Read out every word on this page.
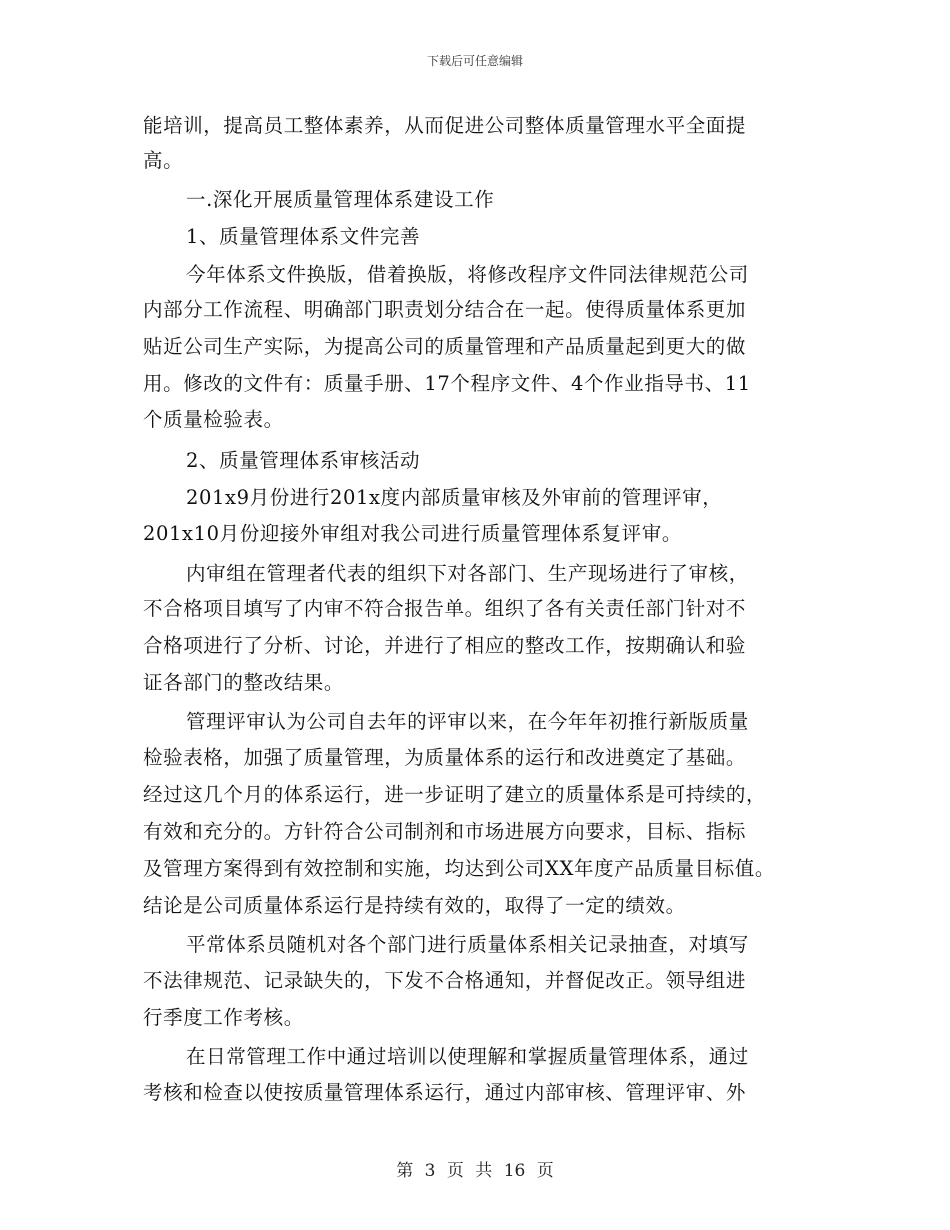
下载后可任意编辑
能培训，提高员工整体素养，从而促进公司整体质量管理水平全面提
高。
一.深化开展质量管理体系建设工作
1、质量管理体系文件完善
今年体系文件换版，借着换版，将修改程序文件同法律规范公司
内部分工作流程、明确部门职责划分结合在一起。使得质量体系更加
贴近公司生产实际，为提高公司的质量管理和产品质量起到更大的做
用。修改的文件有：质量手册、17个程序文件、4个作业指导书、11
个质量检验表。
2、质量管理体系审核活动
201x9月份进行201x度内部质量审核及外审前的管理评审，
201x10月份迎接外审组对我公司进行质量管理体系复评审。
内审组在管理者代表的组织下对各部门、生产现场进行了审核，
不合格项目填写了内审不符合报告单。组织了各有关责任部门针对不
合格项进行了分析、讨论，并进行了相应的整改工作，按期确认和验
证各部门的整改结果。
管理评审认为公司自去年的评审以来，在今年年初推行新版质量
检验表格，加强了质量管理，为质量体系的运行和改进奠定了基础。
经过这几个月的体系运行，进一步证明了建立的质量体系是可持续的，
有效和充分的。方针符合公司制剂和市场进展方向要求，目标、指标
及管理方案得到有效控制和实施，均达到公司XX年度产品质量目标值。
结论是公司质量体系运行是持续有效的，取得了一定的绩效。
平常体系员随机对各个部门进行质量体系相关记录抽查，对填写
不法律规范、记录缺失的，下发不合格通知，并督促改正。领导组进
行季度工作考核。
在日常管理工作中通过培训以使理解和掌握质量管理体系，通过
考核和检查以使按质量管理体系运行，通过内部审核、管理评审、外
第 3 页 共 16 页
